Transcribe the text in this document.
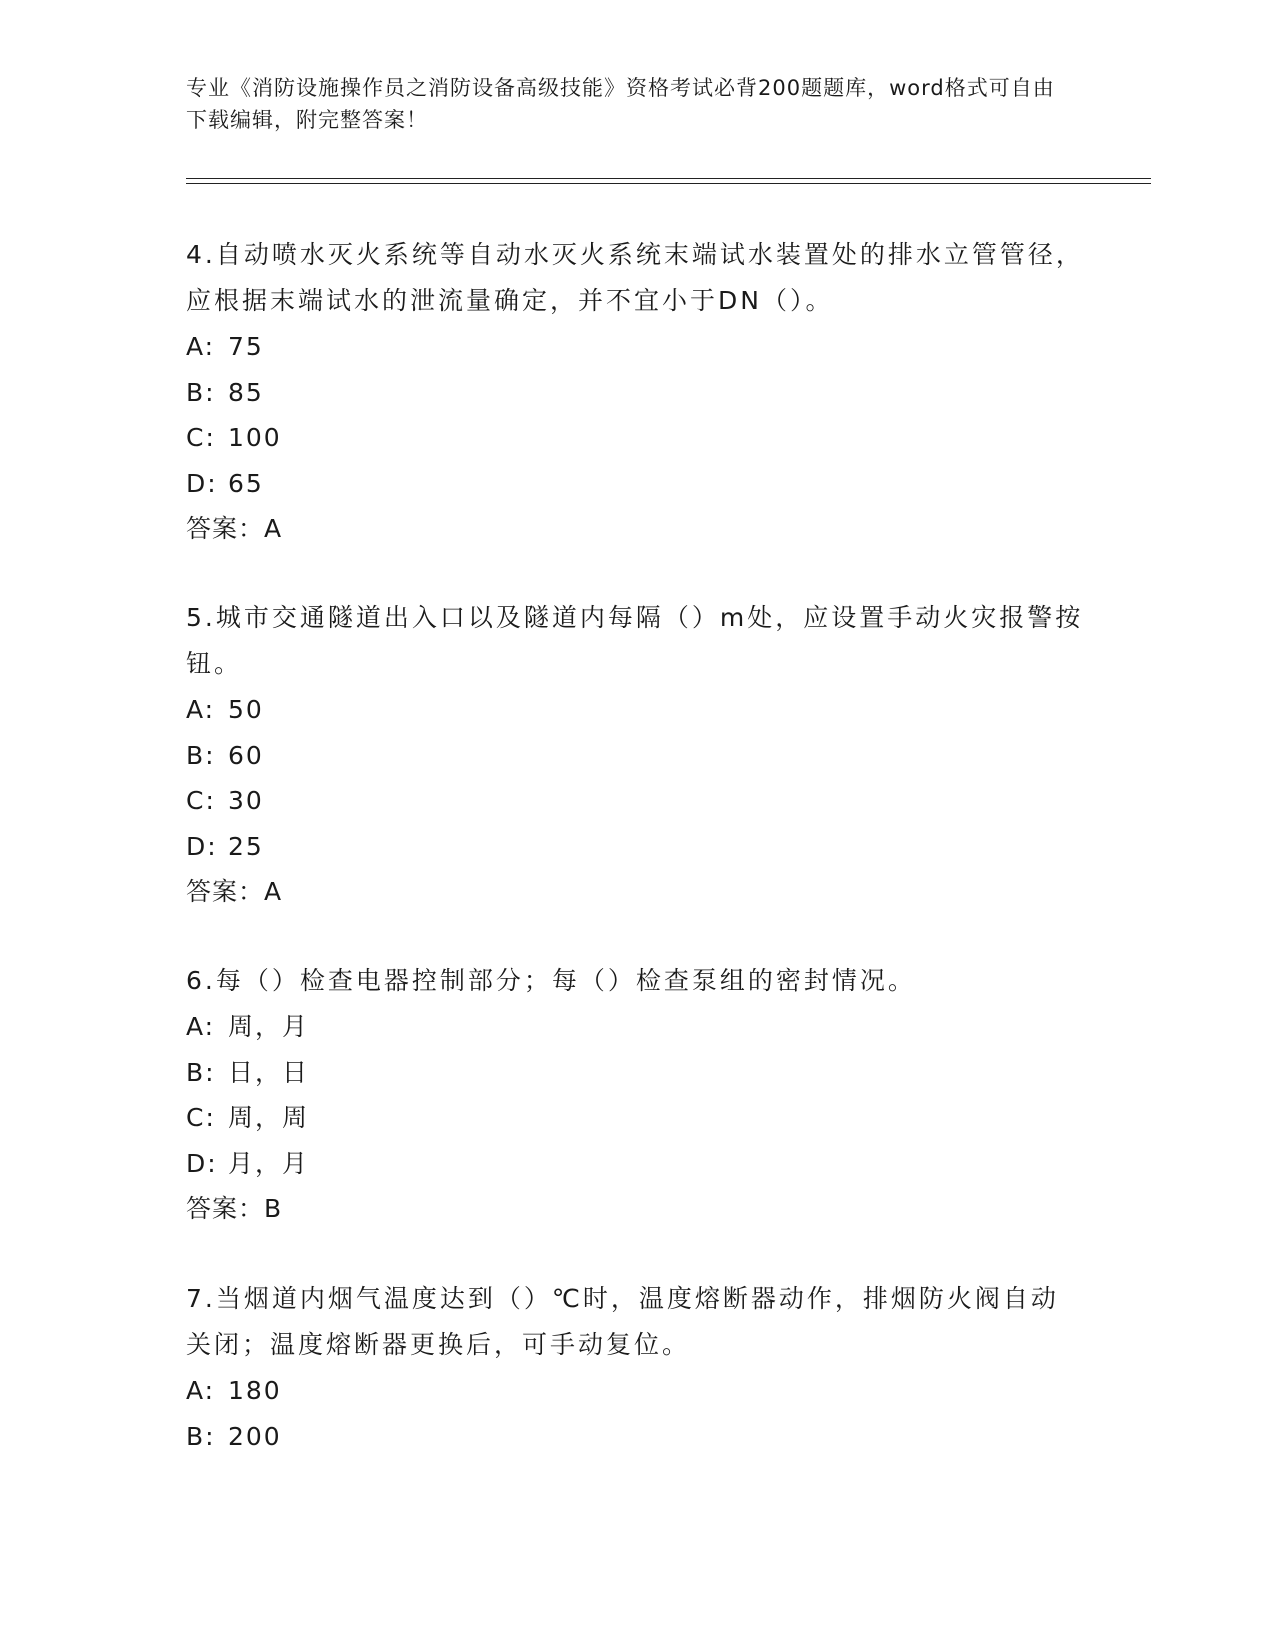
专业《消防设施操作员之消防设备高级技能》资格考试必背200题题库，word格式可自由下载编辑，附完整答案！

4.自动喷水灭火系统等自动水灭火系统末端试水装置处的排水立管管径，应根据末端试水的泄流量确定，并不宜小于DN（）。

A: 75
B: 85
C: 100
D: 65

答案：A

5.城市交通隧道出入口以及隧道内每隔（）m处，应设置手动火灾报警按钮。

A: 50
B: 60
C: 30
D: 25

答案：A

6.每（）检查电器控制部分；每（）检查泵组的密封情况。

A: 周，月
B: 日，日
C: 周，周
D: 月，月

答案：B

7.当烟道内烟气温度达到（）℃时，温度熔断器动作，排烟防火阀自动关闭；温度熔断器更换后，可手动复位。

A: 180
B: 200
